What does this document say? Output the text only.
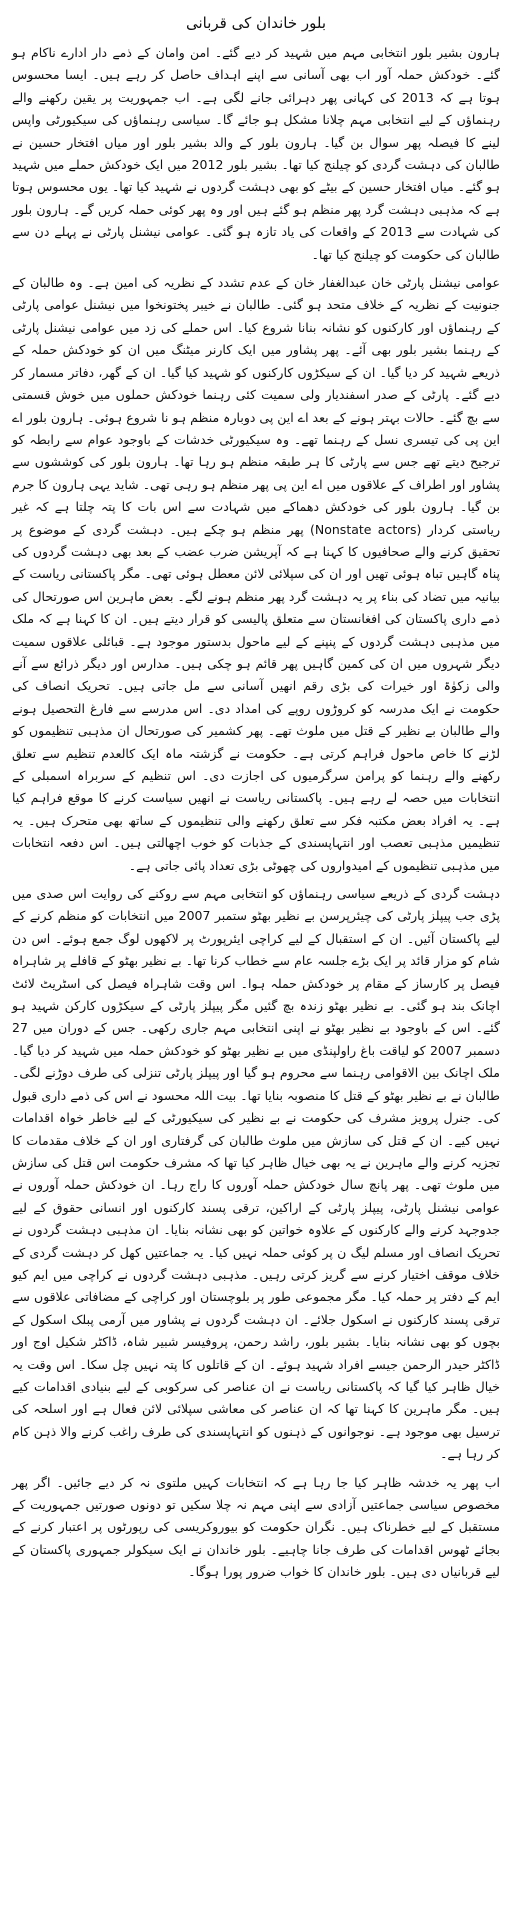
بلور خاندان کی قربانی

ہارون بشیر بلور انتخابی مہم میں شہید کر دیے گئے۔ امن وامان کے ذمے دار ادارے ناکام ہو گئے۔ خودکش حملہ آور اب بھی آسانی سے اپنے اہداف حاصل کر رہے ہیں۔ ایسا محسوس ہوتا ہے کہ 2013 کی کہانی پھر دہرائی جانے لگی ہے۔ اب جمہوریت پر یقین رکھنے والے رہنماؤں کے لیے انتخابی مہم چلانا مشکل ہو جائے گا۔ سیاسی رہنماؤں کی سیکیورٹی واپس لینے کا فیصلہ پھر سوال بن گیا۔ ہارون بلور کے والد بشیر بلور اور میاں افتخار حسین نے طالبان کی دہشت گردی کو چیلنج کیا تھا۔ بشیر بلور 2012 میں ایک خودکش حملے میں شہید ہو گئے۔ میاں افتخار حسین کے بیٹے کو بھی دہشت گردوں نے شہید کیا تھا۔ یوں محسوس ہوتا ہے کہ مذہبی دہشت گرد پھر منظم ہو گئے ہیں اور وہ پھر کوئی حملہ کریں گے۔ ہارون بلور کی شہادت سے 2013 کے واقعات کی یاد تازہ ہو گئی۔ عوامی نیشنل پارٹی نے پہلے دن سے طالبان کی حکومت کو چیلنج کیا تھا۔

عوامی نیشنل پارٹی خان عبدالغفار خان کے عدم تشدد کے نظریہ کی امین ہے۔ وہ طالبان کے جنونیت کے نظریہ کے خلاف متحد ہو گئی۔ طالبان نے خیبر پختونخوا میں نیشنل عوامی پارٹی کے رہنماؤں اور کارکنوں کو نشانہ بنانا شروع کیا۔ اس حملے کی زد میں عوامی نیشنل پارٹی کے رہنما بشیر بلور بھی آئے۔ پھر پشاور میں ایک کارنر میٹنگ میں ان کو خودکش حملہ کے ذریعے شہید کر دیا گیا۔ ان کے سیکڑوں کارکنوں کو شہید کیا گیا۔ ان کے گھر، دفاتر مسمار کر دیے گئے۔ پارٹی کے صدر اسفندیار ولی سمیت کئی رہنما خودکش حملوں میں خوش قسمتی سے بچ گئے۔ حالات بہتر ہونے کے بعد اے این پی دوبارہ منظم ہو نا شروع ہوئی۔ ہارون بلور اے این پی کی تیسری نسل کے رہنما تھے۔ وہ سیکیورٹی خدشات کے باوجود عوام سے رابطہ کو ترجیح دیتے تھے جس سے پارٹی کا ہر طبقہ منظم ہو رہا تھا۔ ہارون بلور کی کوششوں سے پشاور اور اطراف کے علاقوں میں اے این پی پھر منظم ہو رہی تھی۔ شاید یہی ہارون کا جرم بن گیا۔ ہارون بلور کی خودکش دھماکے میں شہادت سے اس بات کا پتہ چلتا ہے کہ غیر ریاستی کردار (Nonstate actors) پھر منظم ہو چکے ہیں۔ دہشت گردی کے موضوع پر تحقیق کرنے والے صحافیوں کا کہنا ہے کہ آپریشن ضرب عضب کے بعد بھی دہشت گردوں کی پناہ گاہیں تباہ ہوئی تھیں اور ان کی سپلائی لائن معطل ہوئی تھی۔ مگر پاکستانی ریاست کے بیانیہ میں تضاد کی بناء پر یہ دہشت گرد پھر منظم ہونے لگے۔ بعض ماہرین اس صورتحال کی ذمے داری پاکستان کی افغانستان سے متعلق پالیسی کو قرار دیتے ہیں۔ ان کا کہنا ہے کہ ملک میں مذہبی دہشت گردوں کے پنپنے کے لیے ماحول بدستور موجود ہے۔ قبائلی علاقوں سمیت دیگر شہروں میں ان کی کمین گاہیں پھر قائم ہو چکی ہیں۔ مدارس اور دیگر ذرائع سے آنے والی زکوٰۃ اور خیرات کی بڑی رقم انھیں آسانی سے مل جاتی ہیں۔ تحریک انصاف کی حکومت نے ایک مدرسہ کو کروڑوں روپے کی امداد دی۔ اس مدرسے سے فارغ التحصیل ہونے والے طالبان بے نظیر کے قتل میں ملوث تھے۔ پھر کشمیر کی صورتحال ان مذہبی تنظیموں کو لڑنے کا خاص ماحول فراہم کرتی ہے۔ حکومت نے گزشتہ ماہ ایک کالعدم تنظیم سے تعلق رکھنے والے رہنما کو پرامن سرگرمیوں کی اجازت دی۔ اس تنظیم کے سربراہ اسمبلی کے انتخابات میں حصہ لے رہے ہیں۔ پاکستانی ریاست نے انھیں سیاست کرنے کا موقع فراہم کیا ہے۔ یہ افراد بعض مکتبہ فکر سے تعلق رکھنے والی تنظیموں کے ساتھ بھی متحرک ہیں۔ یہ تنظیمیں مذہبی تعصب اور انتہاپسندی کے جذبات کو خوب اچھالتی ہیں۔ اس دفعہ انتخابات میں مذہبی تنظیموں کے امیدواروں کی چھوٹی بڑی تعداد پائی جاتی ہے۔

دہشت گردی کے ذریعے سیاسی رہنماؤں کو انتخابی مہم سے روکنے کی روایت اس صدی میں پڑی جب پیپلز پارٹی کی چیئرپرسن بے نظیر بھٹو ستمبر 2007 میں انتخابات کو منظم کرنے کے لیے پاکستان آئیں۔ ان کے استقبال کے لیے کراچی ایئرپورٹ پر لاکھوں لوگ جمع ہوئے۔ اس دن شام کو مزار قائد پر ایک بڑے جلسہ عام سے خطاب کرنا تھا۔ بے نظیر بھٹو کے قافلے پر شاہراہ فیصل پر کارساز کے مقام پر خودکش حملہ ہوا۔ اس وقت شاہراہ فیصل کی اسٹریٹ لائٹ اچانک بند ہو گئی۔ بے نظیر بھٹو زندہ بچ گئیں مگر پیپلز پارٹی کے سیکڑوں کارکن شہید ہو گئے۔ اس کے باوجود بے نظیر بھٹو نے اپنی انتخابی مہم جاری رکھی۔ جس کے دوران میں 27 دسمبر 2007 کو لیاقت باغ راولپنڈی میں بے نظیر بھٹو کو خودکش حملہ میں شہید کر دیا گیا۔ ملک اچانک بین الاقوامی رہنما سے محروم ہو گیا اور پیپلز پارٹی تنزلی کی طرف دوڑنے لگی۔ طالبان نے بے نظیر بھٹو کے قتل کا منصوبہ بنایا تھا۔ بیت اللہ محسود نے اس کی ذمے داری قبول کی۔ جنرل پرویز مشرف کی حکومت نے بے نظیر کی سیکیورٹی کے لیے خاطر خواہ اقدامات نہیں کیے۔ ان کے قتل کی سازش میں ملوث طالبان کی گرفتاری اور ان کے خلاف مقدمات کا تجزیہ کرنے والے ماہرین نے یہ بھی خیال ظاہر کیا تھا کہ مشرف حکومت اس قتل کی سازش میں ملوث تھی۔ پھر پانچ سال خودکش حملہ آوروں کا راج رہا۔ ان خودکش حملہ آوروں نے عوامی نیشنل پارٹی، پیپلز پارٹی کے اراکین، ترقی پسند کارکنوں اور انسانی حقوق کے لیے جدوجہد کرنے والے کارکنوں کے علاوہ خواتین کو بھی نشانہ بنایا۔ ان مذہبی دہشت گردوں نے تحریک انصاف اور مسلم لیگ ن پر کوئی حملہ نہیں کیا۔ یہ جماعتیں کھل کر دہشت گردی کے خلاف موقف اختیار کرنے سے گریز کرتی رہیں۔ مذہبی دہشت گردوں نے کراچی میں ایم کیو ایم کے دفتر پر حملہ کیا۔ مگر مجموعی طور پر بلوچستان اور کراچی کے مضافاتی علاقوں سے ترقی پسند کارکنوں نے اسکول جلائے۔ ان دہشت گردوں نے پشاور میں آرمی پبلک اسکول کے بچوں کو بھی نشانہ بنایا۔ بشیر بلور، راشد رحمن، پروفیسر شبیر شاہ، ڈاکٹر شکیل اوج اور ڈاکٹر حیدر الرحمن جیسے افراد شہید ہوئے۔ ان کے قاتلوں کا پتہ نہیں چل سکا۔ اس وقت یہ خیال ظاہر کیا گیا کہ پاکستانی ریاست نے ان عناصر کی سرکوبی کے لیے بنیادی اقدامات کیے ہیں۔ مگر ماہرین کا کہنا تھا کہ ان عناصر کی معاشی سپلائی لائن فعال ہے اور اسلحہ کی ترسیل بھی موجود ہے۔ نوجوانوں کے ذہنوں کو انتہاپسندی کی طرف راغب کرنے والا ذہن کام کر رہا ہے۔

اب پھر یہ خدشہ ظاہر کیا جا رہا ہے کہ انتخابات کہیں ملتوی نہ کر دیے جائیں۔ اگر پھر مخصوص سیاسی جماعتیں آزادی سے اپنی مہم نہ چلا سکیں تو دونوں صورتیں جمہوریت کے مستقبل کے لیے خطرناک ہیں۔ نگران حکومت کو بیوروکریسی کی رپورٹوں پر اعتبار کرنے کے بجائے ٹھوس اقدامات کی طرف جانا چاہیے۔ بلور خاندان نے ایک سیکولر جمہوری پاکستان کے لیے قربانیاں دی ہیں۔ بلور خاندان کا خواب ضرور پورا ہوگا۔
